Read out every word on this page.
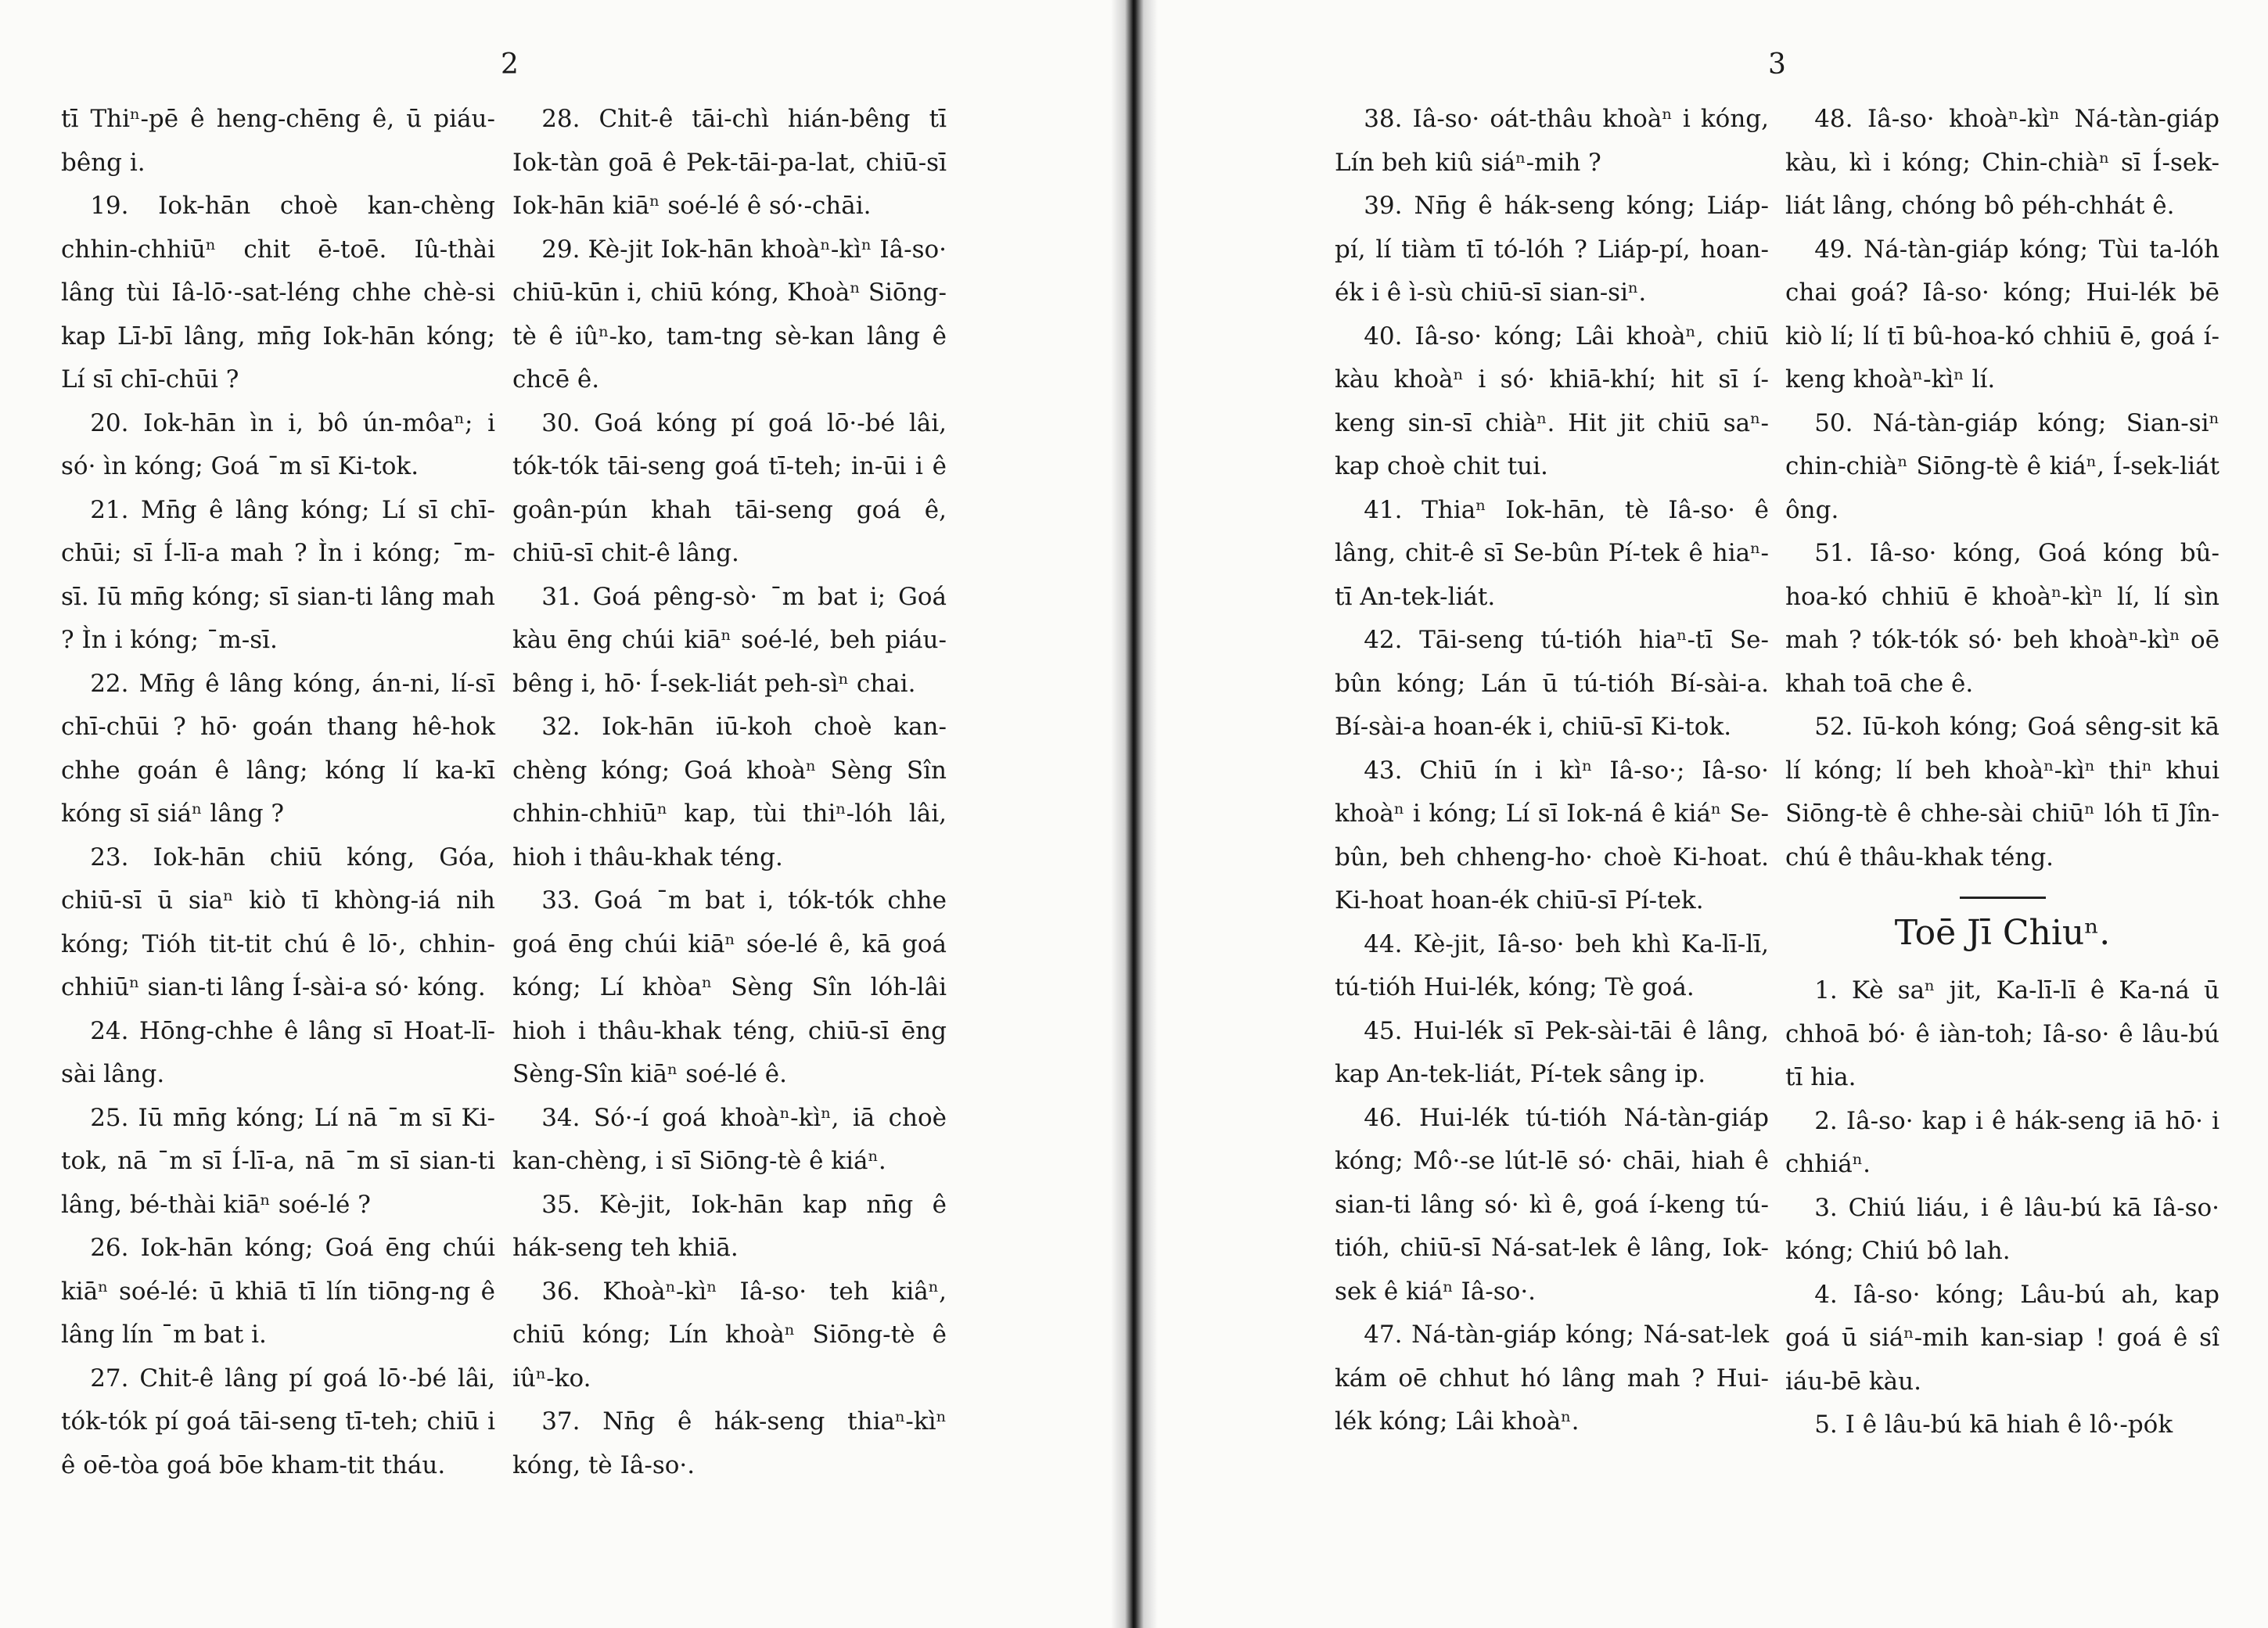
2

tī Thiⁿ-pē ê heng-chēng ê, ū piáu-bêng i.

19. Iok-hān choè kan-chèng chhin-chhiūⁿ chit ē-toē. Iû-thài lâng tùi Iâ-lō·-sat-léng chhe chè-si kap Lī-bī lâng, mn̄g Iok-hān kóng; Lí sī chī-chūi ?

20. Iok-hān ìn i, bô ún-môaⁿ; i só· ìn kóng; Goá ˉm sī Ki-tok.

21. Mn̄g ê lâng kóng; Lí sī chī-chūi; sī Í-lī-a mah ? Ìn i kóng; ˉm-sī. Iū mn̄g kóng; sī sian-ti lâng mah ? Ìn i kóng; ˉm-sī.

22. Mn̄g ê lâng kóng, án-ni, lí-sī chī-chūi ? hō· goán thang hê-hok chhe goán ê lâng; kóng lí ka-kī kóng sī siáⁿ lâng ?

23. Iok-hān chiū kóng, Góa, chiū-sī ū siaⁿ kiò tī khòng-iá nih kóng; Tióh tit-tit chú ê lō·, chhin-chhiūⁿ sian-ti lâng Í-sài-a só· kóng.

24. Hōng-chhe ê lâng sī Hoat-lī-sài lâng.

25. Iū mn̄g kóng; Lí nā ˉm sī Ki-tok, nā ˉm sī Í-lī-a, nā ˉm sī sian-ti lâng, bé-thài kiāⁿ soé-lé ?

26. Iok-hān kóng; Goá ēng chúi kiāⁿ soé-lé: ū khiā tī lín tiōng-ng ê lâng lín ˉm bat i.

27. Chit-ê lâng pí goá lō·-bé lâi, tók-tók pí goá tāi-seng tī-teh; chiū i ê oē-tòa goá bōe kham-tit tháu.

28. Chit-ê tāi-chì hián-bêng tī Iok-tàn goā ê Pek-tāi-pa-lat, chiū-sī Iok-hān kiāⁿ soé-lé ê só·-chāi.

29. Kè-jit Iok-hān khoàⁿ-kìⁿ Iâ-so· chiū-kūn i, chiū kóng, Khoàⁿ Siōng-tè ê iûⁿ-ko, tam-tng sè-kan lâng ê chcē ê.

30. Goá kóng pí goá lō·-bé lâi, tók-tók tāi-seng goá tī-teh; in-ūi i ê goân-pún khah tāi-seng goá ê, chiū-sī chit-ê lâng.

31. Goá pêng-sò· ˉm bat i; Goá kàu ēng chúi kiāⁿ soé-lé, beh piáu-bêng i, hō· Í-sek-liát peh-sìⁿ chai.

32. Iok-hān iū-koh choè kan-chèng kóng; Goá khoàⁿ Sèng Sîn chhin-chhiūⁿ kap, tùi thiⁿ-lóh lâi, hioh i thâu-khak téng.

33. Goá ˉm bat i, tók-tók chhe goá ēng chúi kiāⁿ sóe-lé ê, kā goá kóng; Lí khòaⁿ Sèng Sîn lóh-lâi hioh i thâu-khak téng, chiū-sī ēng Sèng-Sîn kiāⁿ soé-lé ê.

34. Só·-í goá khoàⁿ-kìⁿ, iā choè kan-chèng, i sī Siōng-tè ê kiáⁿ.

35. Kè-jit, Iok-hān kap nn̄g ê hák-seng teh khiā.

36. Khoàⁿ-kìⁿ Iâ-so· teh kiâⁿ, chiū kóng; Lín khoàⁿ Siōng-tè ê iûⁿ-ko.

37. Nn̄g ê hák-seng thiaⁿ-kìⁿ kóng, tè Iâ-so·.

3

38. Iâ-so· oát-thâu khoàⁿ i kóng, Lín beh kiû siáⁿ-mih ?

39. Nn̄g ê hák-seng kóng; Liáp-pí, lí tiàm tī tó-lóh ? Liáp-pí, hoan-ék i ê ì-sù chiū-sī sian-siⁿ.

40. Iâ-so· kóng; Lâi khoàⁿ, chiū kàu khoàⁿ i só· khiā-khí; hit sī í-keng sin-sī chiàⁿ. Hit jit chiū saⁿ-kap choè chit tui.

41. Thiaⁿ Iok-hān, tè Iâ-so· ê lâng, chit-ê sī Se-bûn Pí-tek ê hiaⁿ-tī An-tek-liát.

42. Tāi-seng tú-tióh hiaⁿ-tī Se-bûn kóng; Lán ū tú-tióh Bí-sài-a. Bí-sài-a hoan-ék i, chiū-sī Ki-tok.

43. Chiū ín i kìⁿ Iâ-so·; Iâ-so· khoàⁿ i kóng; Lí sī Iok-ná ê kiáⁿ Se-bûn, beh chheng-ho· choè Ki-hoat. Ki-hoat hoan-ék chiū-sī Pí-tek.

44. Kè-jit, Iâ-so· beh khì Ka-lī-lī, tú-tióh Hui-lék, kóng; Tè goá.

45. Hui-lék sī Pek-sài-tāi ê lâng, kap An-tek-liát, Pí-tek sâng ip.

46. Hui-lék tú-tióh Ná-tàn-giáp kóng; Mô·-se lút-lē só· chāi, hiah ê sian-ti lâng só· kì ê, goá í-keng tú-tióh, chiū-sī Ná-sat-lek ê lâng, Iok-sek ê kiáⁿ Iâ-so·.

47. Ná-tàn-giáp kóng; Ná-sat-lek kám oē chhut hó lâng mah ? Hui-lék kóng; Lâi khoàⁿ.

48. Iâ-so· khoàⁿ-kìⁿ Ná-tàn-giáp kàu, kì i kóng; Chin-chiàⁿ sī Í-sek-liát lâng, chóng bô péh-chhát ê.

49. Ná-tàn-giáp kóng; Tùi ta-lóh chai goá? Iâ-so· kóng; Hui-lék bē kiò lí; lí tī bû-hoa-kó chhiū ē, goá í-keng khoàⁿ-kìⁿ lí.

50. Ná-tàn-giáp kóng; Sian-siⁿ chin-chiàⁿ Siōng-tè ê kiáⁿ, Í-sek-liát ông.

51. Iâ-so· kóng, Goá kóng bû-hoa-kó chhiū ē khoàⁿ-kìⁿ lí, lí sìn mah ? tók-tók só· beh khoàⁿ-kìⁿ oē khah toā che ê.

52. Iū-koh kóng; Goá sêng-sit kā lí kóng; lí beh khoàⁿ-kìⁿ thiⁿ khui Siōng-tè ê chhe-sài chiūⁿ lóh tī Jîn-chú ê thâu-khak téng.

Toē Jī Chiuⁿ.

1. Kè saⁿ jit, Ka-lī-lī ê Ka-ná ū chhoā bó· ê iàn-toh; Iâ-so· ê lâu-bú tī hia.

2. Iâ-so· kap i ê hák-seng iā hō· i chhiáⁿ.

3. Chiú liáu, i ê lâu-bú kā Iâ-so· kóng; Chiú bô lah.

4. Iâ-so· kóng; Lâu-bú ah, kap goá ū siáⁿ-mih kan-siap ! goá ê sî iáu-bē kàu.

5. I ê lâu-bú kā hiah ê lô·-pók
